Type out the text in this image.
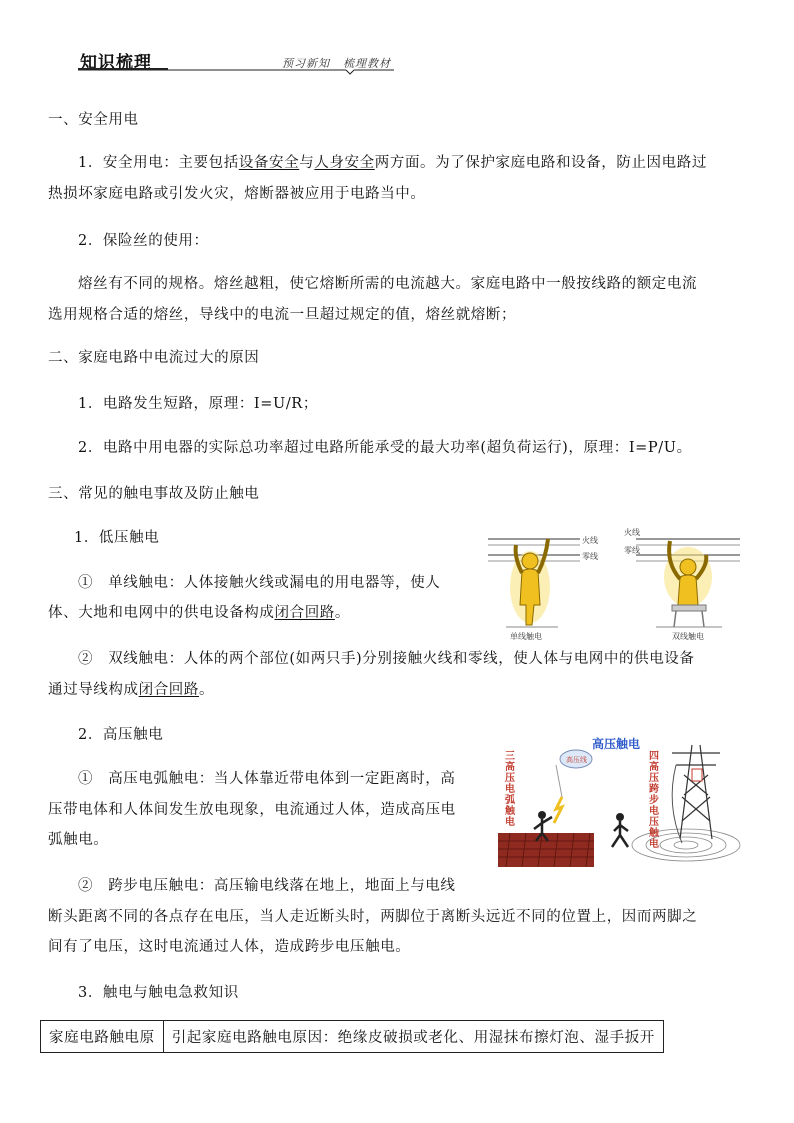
知识梳理	预习新知 梳理教材
一、安全用电
1．安全用电：主要包括设备安全与人身安全两方面。为了保护家庭电路和设备，防止因电路过
热损坏家庭电路或引发火灾，熔断器被应用于电路当中。
2．保险丝的使用：
熔丝有不同的规格。熔丝越粗，使它熔断所需的电流越大。家庭电路中一般按线路的额定电流
选用规格合适的熔丝，导线中的电流一旦超过规定的值，熔丝就熔断；
二、家庭电路中电流过大的原因
1．电路发生短路，原理：I=U/R；
2．电路中用电器的实际总功率超过电路所能承受的最大功率(超负荷运行)，原理：I=P/U。
三、常见的触电事故及防止触电
1．低压触电
①　单线触电：人体接触火线或漏电的用电器等，使人
体、大地和电网中的供电设备构成闭合回路。
②　双线触电：人体的两个部位(如两只手)分别接触火线和零线，使人体与电网中的供电设备
通过导线构成闭合回路。
2．高压触电
①　高压电弧触电：当人体靠近带电体到一定距离时，高
压带电体和人体间发生放电现象，电流通过人体，造成高压电
弧触电。
②　跨步电压触电：高压输电线落在地上，地面上与电线
断头距离不同的各点存在电压，当人走近断头时，两脚位于离断头远近不同的位置上，因而两脚之
间有了电压，这时电流通过人体，造成跨步电压触电。
3．触电与触电急救知识
火线
零线
火线
零线
单线触电	双线触电
高压触电
三高压电弧触电
四高压跨步电压触电
高压线
家庭电路触电原	引起家庭电路触电原因：绝缘皮破损或老化、用湿抹布擦灯泡、湿手扳开
